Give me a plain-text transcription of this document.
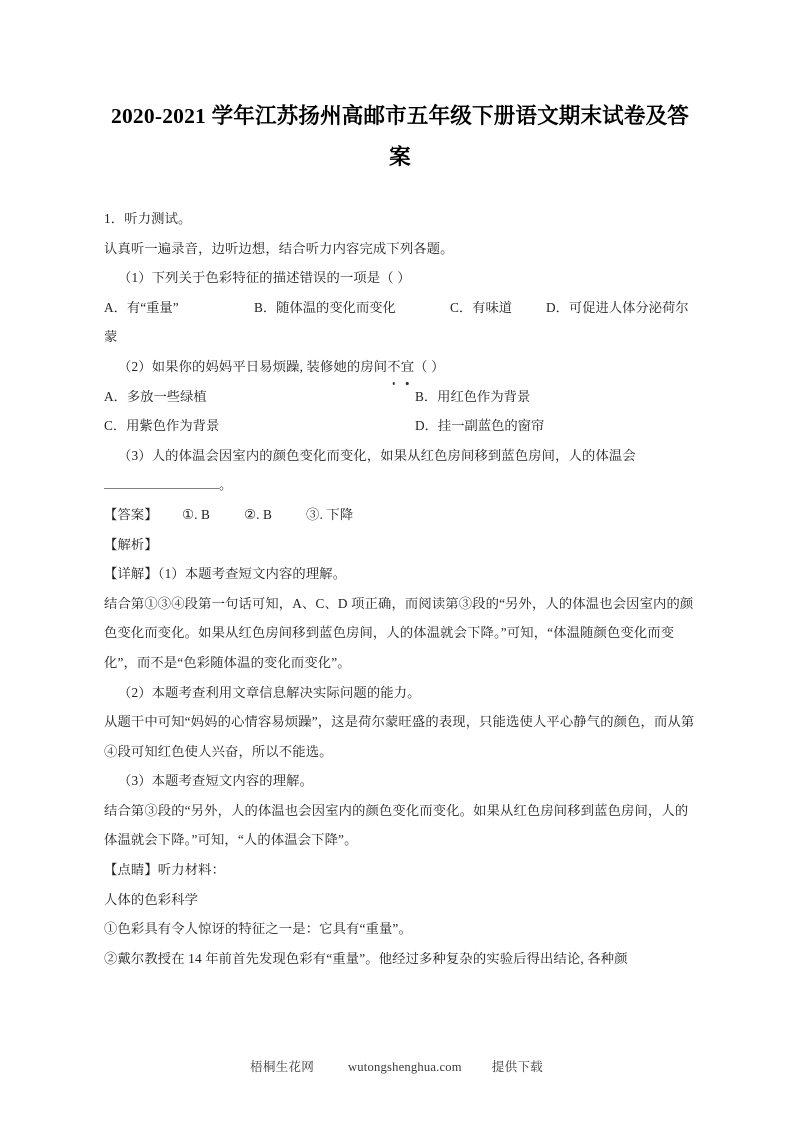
2020-2021 学年江苏扬州高邮市五年级下册语文期末试卷及答案

1．听力测试。

认真听一遍录音，边听边想，结合听力内容完成下列各题。

（1）下列关于色彩特征的描述错误的一项是（ ）

A．有“重量”	B．随体温的变化而变化	C．有味道	D．可促进人体分泌荷尔

蒙

（2）如果你的妈妈平日易烦躁, 装修她的房间不宜（ ）

A．多放一些绿植	B．用红色作为背景
C．用紫色作为背景	D．挂一副蓝色的窗帘

（3）人的体温会因室内的颜色变化而变化，如果从红色房间移到蓝色房间，人的体温会

。

【答案】 ①. B	②. B	③. 下降

【解析】

【详解】（1）本题考查短文内容的理解。

结合第①③④段第一句话可知，A、C、D 项正确，而阅读第③段的“另外，人的体温也会因室内的颜色变化而变化。如果从红色房间移到蓝色房间，人的体温就会下降。”可知，“体温随颜色变化而变化”，而不是“色彩随体温的变化而变化”。

（2）本题考查利用文章信息解决实际问题的能力。

从题干中可知“妈妈的心情容易烦躁”，这是荷尔蒙旺盛的表现，只能选使人平心静气的颜色，而从第④段可知红色使人兴奋，所以不能选。

（3）本题考查短文内容的理解。

结合第③段的“另外，人的体温也会因室内的颜色变化而变化。如果从红色房间移到蓝色房间，人的体温就会下降。”可知，“人的体温会下降”。

【点睛】听力材料：

人体的色彩科学

①色彩具有令人惊讶的特征之一是：它具有“重量”。

②戴尔教授在 14 年前首先发现色彩有“重量”。他经过多种复杂的实验后得出结论, 各种颜

梧桐生花网	wutongshenghua.com 提供下载
